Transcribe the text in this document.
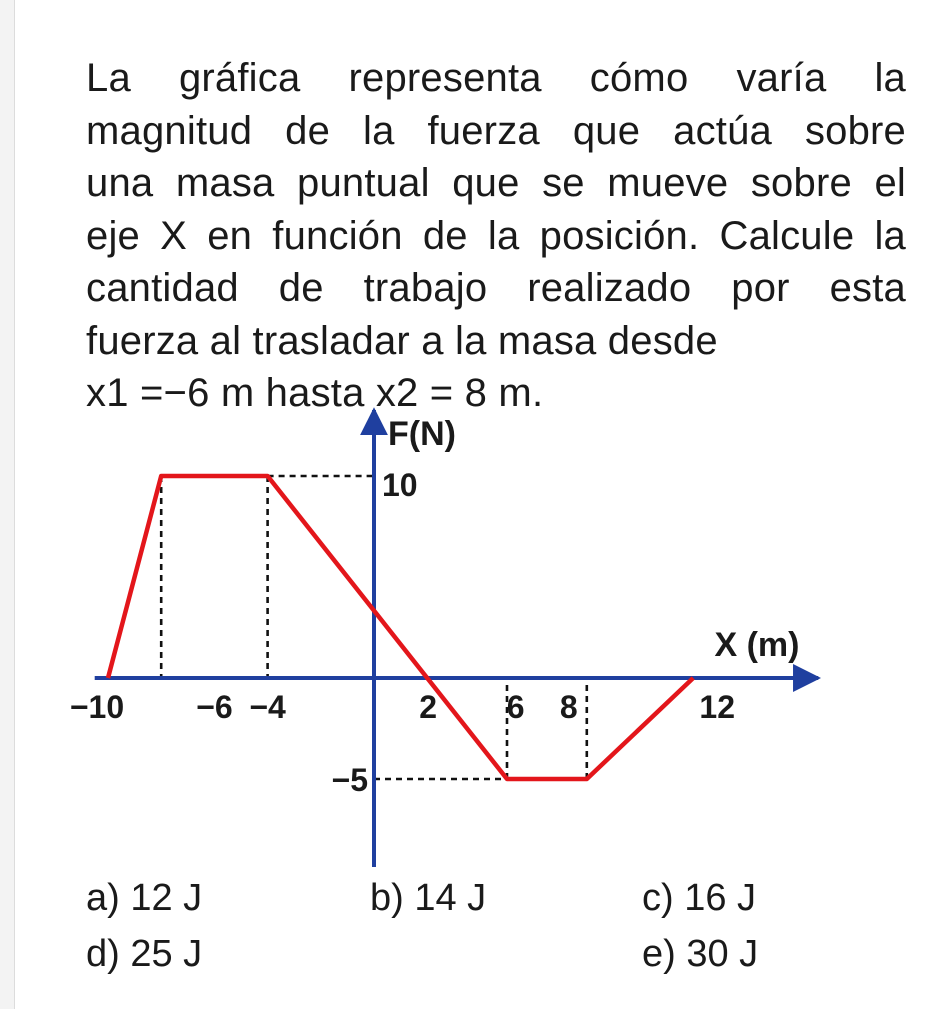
La gráfica representa cómo varía la
magnitud de la fuerza que actúa sobre
una masa puntual que se mueve sobre el
eje X en función de la posición. Calcule la
cantidad de trabajo realizado por esta
fuerza al trasladar a la masa desde
x1 =−6 m hasta x2 = 8 m.
−10 −6 −4	2 6 8	12
10
−5
F(N)
X (m)
a) 12 J	b) 14 J	c) 16 J
d) 25 J	e) 30 J
